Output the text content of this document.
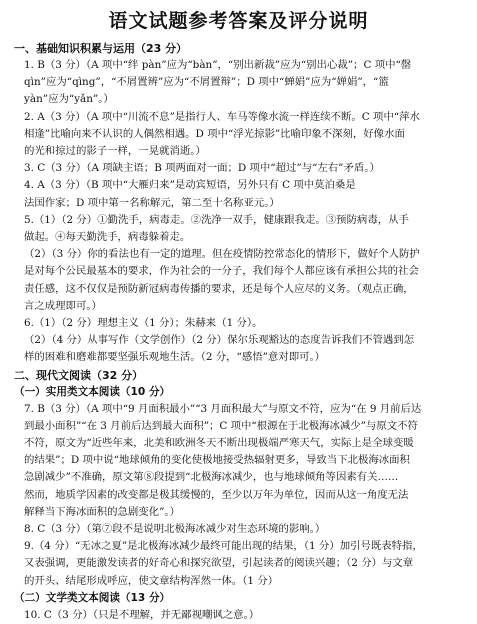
语文试题参考答案及评分说明
一、基础知识积累与运用（23 分）
1. B（3 分）（A 项中“绊 pàn”应为“bàn”，“别出新裁”应为“别出心裁”；C 项中“罄
qìn”应为“qìng”，“不屑置辨”应为“不屑置辩”；D 项中“蝉娟”应为“婵娟”，“篮
yàn”应为“yǎn”。）
2. A（3 分）（A 项中“川流不息”是指行人、车马等像水流一样连续不断。C 项中“萍水
相逢”比喻向来不认识的人偶然相遇。D 项中“浮光掠影”比喻印象不深刻，好像水面
的光和掠过的影子一样，一晃就消逝。）
3. C（3 分）（A 项缺主语；B 项两面对一面；D 项中“超过”与“左右”矛盾。）
4. A（3 分）（B 项中“大雁归来”是动宾短语，另外只有 C 项中莫泊桑是
法国作家；D 项中第一名称解元，第二至十名称亚元。）
5.（1）（2 分）①勤洗手，病毒走。②洗净一双手，健康跟我走。③预防病毒，从手
做起。④每天勤洗手，病毒躲着走。
（2）（3 分）你的看法也有一定的道理。但在疫情防控常态化的情形下，做好个人防护
是对每个公民最基本的要求，作为社会的一分子，我们每个人都应该有承担公共的社会
责任感，这不仅仅是预防新冠病毒传播的要求，还是每个人应尽的义务。（观点正确，
言之成理即可。）
6.（1）（2 分）理想主义（1 分）；朱赫来（1 分）。
（2）（4 分）从事写作（文学创作）（2 分）保尔乐观豁达的态度告诉我们不管遇到怎
样的困难和磨难都要坚强乐观地生活。（2 分，“感悟”意对即可。）
二、现代文阅读（32 分）
（一）实用类文本阅读（10 分）
7. B（3 分）（A 项中“9 月面积最小”“3 月面积最大”与原文不符，应为“在 9 月前后达
到最小面积”“在 3 月前后达到最大面积”；C 项中“根源在于北极海冰减少”与原文不符
不符，原文为“近些年来，北美和欧洲冬天不断出现极端严寒天气，实际上是全球变暖
的结果”；D 项中说“地球倾角的变化使极地接受热辐射更多，导致当下北极海冰面积
急剧减少”不准确，原文第⑧段提到“北极海冰减少，也与地球倾角等因素有关……
然而，地质学因素的改变都是极其缓慢的，至少以万年为单位，因而从这一角度无法
解释当下海冰面积的急剧变化”。）
8. C（3 分）（第⑦段不是说明北极海冰减少对生态环境的影响。）
9.（4 分）“无冰之夏”是北极海冰减少最终可能出现的结果，（1 分）加引号既表特指，
又表强调，更能激发读者的好奇心和探究欲望，引起读者的阅读兴趣；（2 分）与文章
的开头、结尾形成呼应，使文章结构浑然一体。（1 分）
（二）文学类文本阅读（13 分）
10. C（3 分）（只是不理解，并无鄙视嘲讽之意。）
